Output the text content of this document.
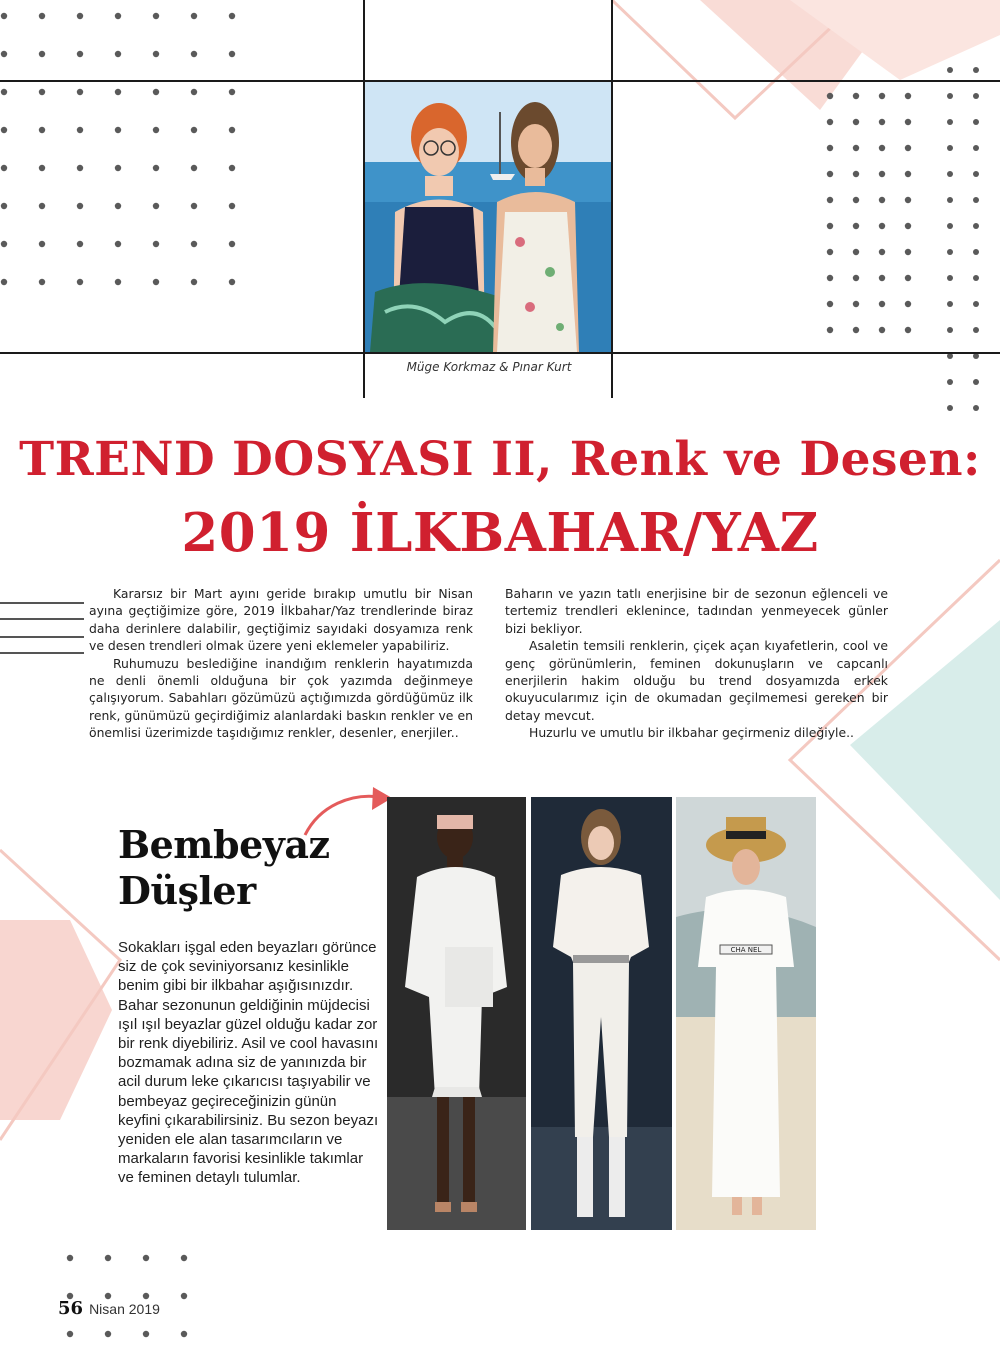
Müge Korkmaz & Pınar Kurt
TREND DOSYASI II, Renk ve Desen:
2019 İLKBAHAR/YAZ

Kararsız bir Mart ayını geride bırakıp umutlu bir Nisan ayına geçtiğimize göre, 2019 İlkbahar/Yaz trendlerinde biraz daha derinlere dalabilir, geçtiğimiz sayıdaki dosyamıza renk ve desen trendleri olmak üzere yeni eklemeler yapabiliriz.

Ruhumuzu beslediğine inandığım renklerin hayatımızda ne denli önemli olduğuna bir çok yazımda değinmeye çalışıyorum. Sabahları gözümüzü açtığımızda gördüğümüz ilk renk, günümüzü geçirdiğimiz alanlardaki baskın renkler ve en önemlisi üzerimizde taşıdığımız renkler, desenler, enerjiler..

Baharın ve yazın tatlı enerjisine bir de sezonun eğlenceli ve tertemiz trendleri eklenince, tadından yenmeyecek günler bizi bekliyor.

Asaletin temsili renklerin, çiçek açan kıyafetlerin, cool ve genç görünümlerin, feminen dokunuşların ve capcanlı enerjilerin hakim olduğu bu trend dosyamızda erkek okuyucularımız için de okumadan geçilmemesi gereken bir detay mevcut.

Huzurlu ve umutlu bir ilkbahar geçirmeniz dileğiyle..

Bembeyaz
Düşler
Sokakları işgal eden beyazları görünce siz de çok seviniyorsanız kesinlikle benim gibi bir ilkbahar aşığısınızdır. Bahar sezonunun geldiğinin müjdecisi ışıl ışıl beyazlar güzel olduğu kadar zor bir renk diyebiliriz. Asil ve cool havasını bozmamak adına siz de yanınızda bir acil durum leke çıkarıcısı taşıyabilir ve bembeyaz geçireceğinizin günün keyfini çıkarabilirsiniz. Bu sezon beyazı yeniden ele alan tasarımcıların ve markaların favorisi kesinlikle takımlar ve feminen detaylı tulumlar.
CHA NEL
56 Nisan 2019
